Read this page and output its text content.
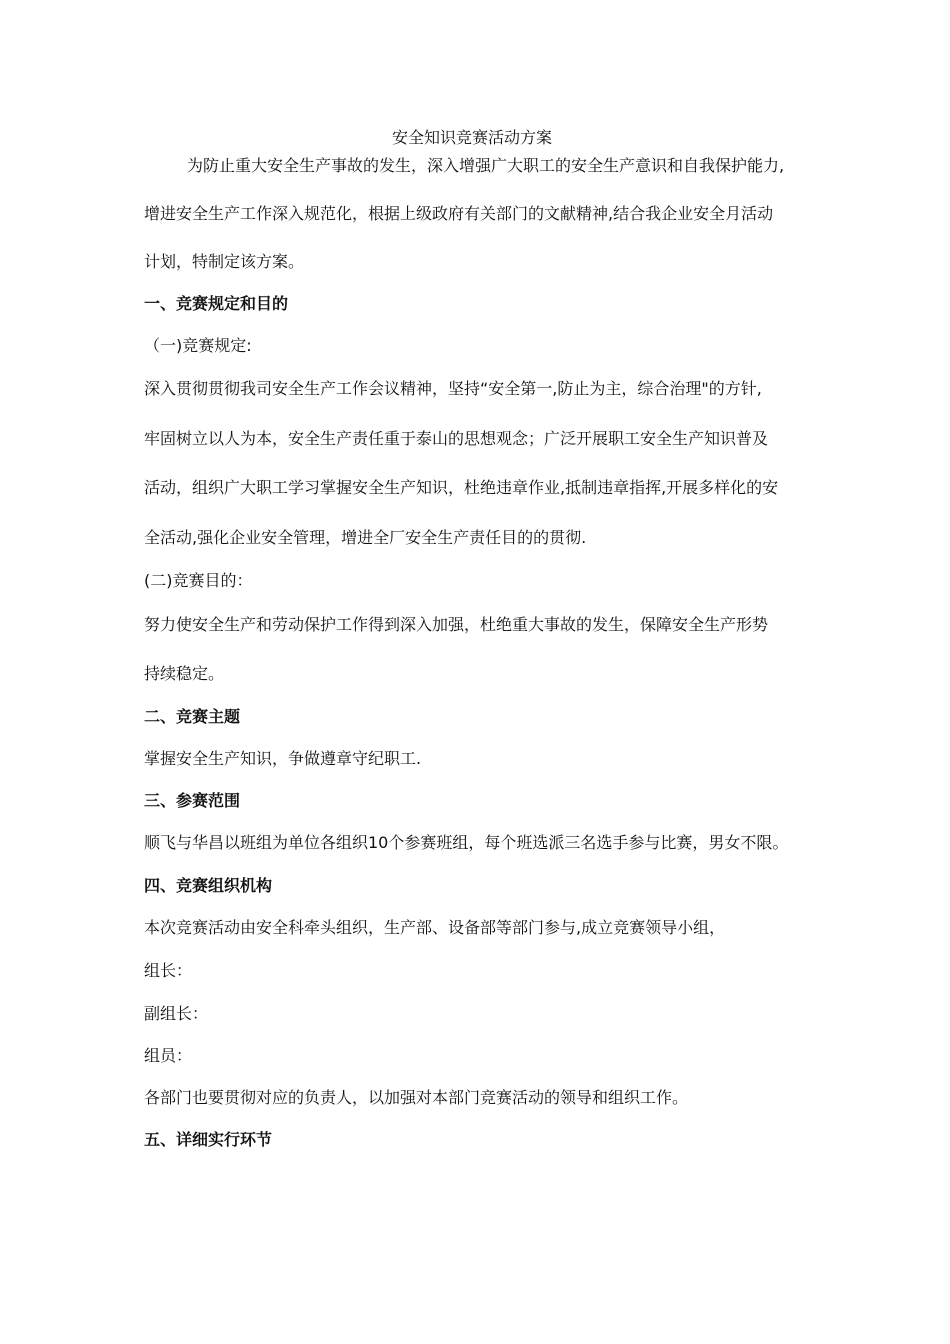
安全知识竞赛活动方案
为防止重大安全生产事故的发生，深入增强广大职工的安全生产意识和自我保护能力,
增进安全生产工作深入规范化，根据上级政府有关部门的文献精神,结合我企业安全月活动
计划，特制定该方案。
一、竞赛规定和目的
（一)竞赛规定:
深入贯彻贯彻我司安全生产工作会议精神，坚持“安全第一,防止为主，综合治理"的方针,
牢固树立以人为本，安全生产责任重于泰山的思想观念；广泛开展职工安全生产知识普及
活动，组织广大职工学习掌握安全生产知识，杜绝违章作业,抵制违章指挥,开展多样化的安
全活动,强化企业安全管理，增进全厂安全生产责任目的的贯彻.
(二)竞赛目的：
努力使安全生产和劳动保护工作得到深入加强，杜绝重大事故的发生，保障安全生产形势
持续稳定。
二、竞赛主题
掌握安全生产知识，争做遵章守纪职工.
三、参赛范围
顺飞与华昌以班组为单位各组织10个参赛班组，每个班选派三名选手参与比赛，男女不限。
四、竞赛组织机构
本次竞赛活动由安全科牵头组织，生产部、设备部等部门参与,成立竞赛领导小组，
组长：
副组长：
组员：
各部门也要贯彻对应的负责人，以加强对本部门竞赛活动的领导和组织工作。
五、详细实行环节
